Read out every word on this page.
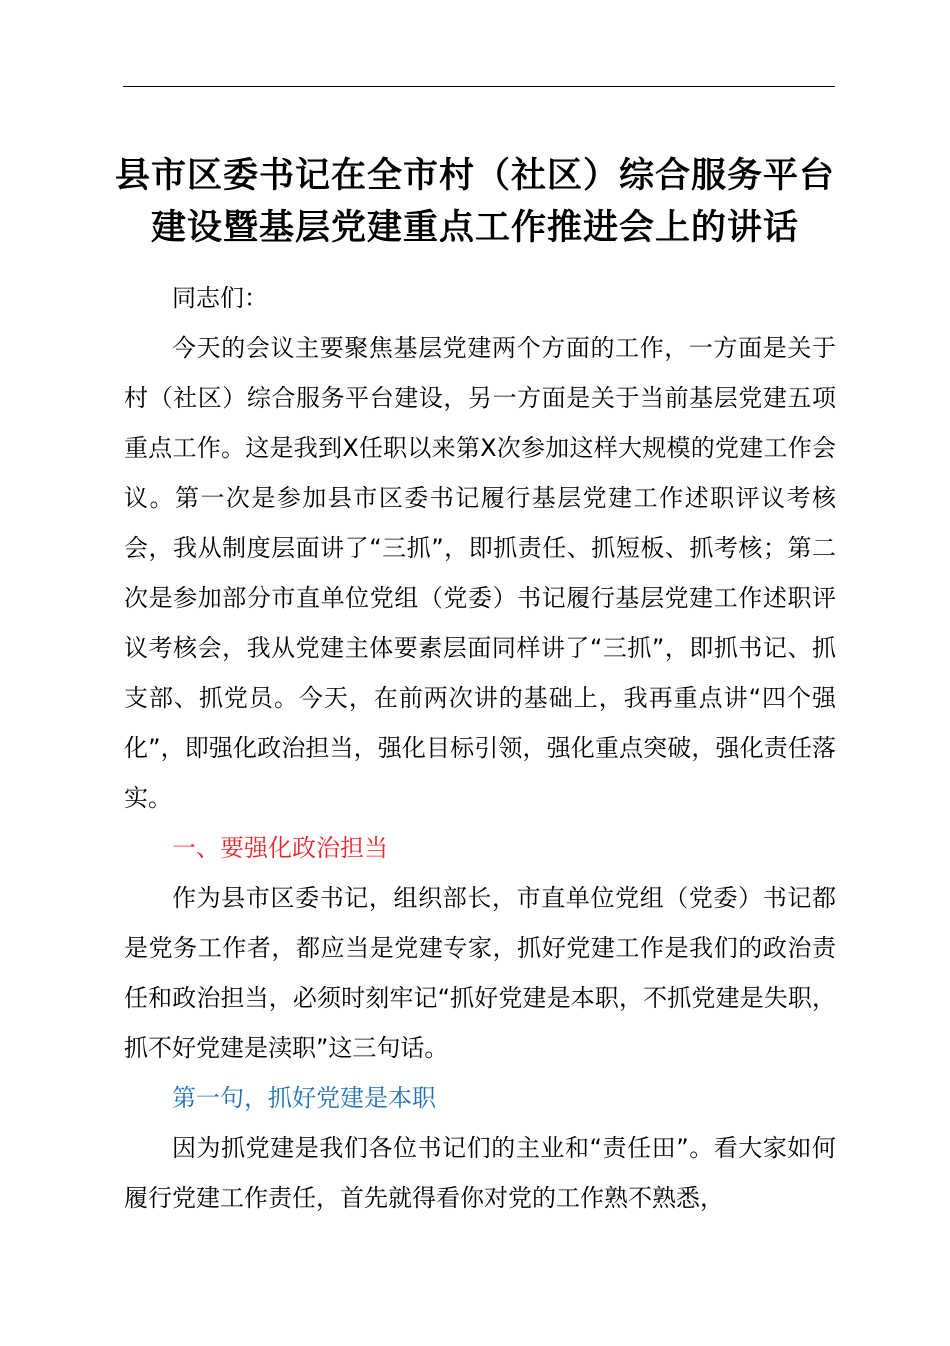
县市区委书记在全市村（社区）综合服务平台
建设暨基层党建重点工作推进会上的讲话

同志们：

今天的会议主要聚焦基层党建两个方面的工作，一方面是关于村（社区）综合服务平台建设，另一方面是关于当前基层党建五项重点工作。这是我到X任职以来第X次参加这样大规模的党建工作会议。第一次是参加县市区委书记履行基层党建工作述职评议考核会，我从制度层面讲了“三抓”，即抓责任、抓短板、抓考核；第二次是参加部分市直单位党组（党委）书记履行基层党建工作述职评议考核会，我从党建主体要素层面同样讲了“三抓”，即抓书记、抓支部、抓党员。今天，在前两次讲的基础上，我再重点讲“四个强化”，即强化政治担当，强化目标引领，强化重点突破，强化责任落实。

一、要强化政治担当

作为县市区委书记，组织部长，市直单位党组（党委）书记都是党务工作者，都应当是党建专家，抓好党建工作是我们的政治责任和政治担当，必须时刻牢记“抓好党建是本职，不抓党建是失职，抓不好党建是渎职”这三句话。

第一句，抓好党建是本职

因为抓党建是我们各位书记们的主业和“责任田”。看大家如何履行党建工作责任，首先就得看你对党的工作熟不熟悉，
